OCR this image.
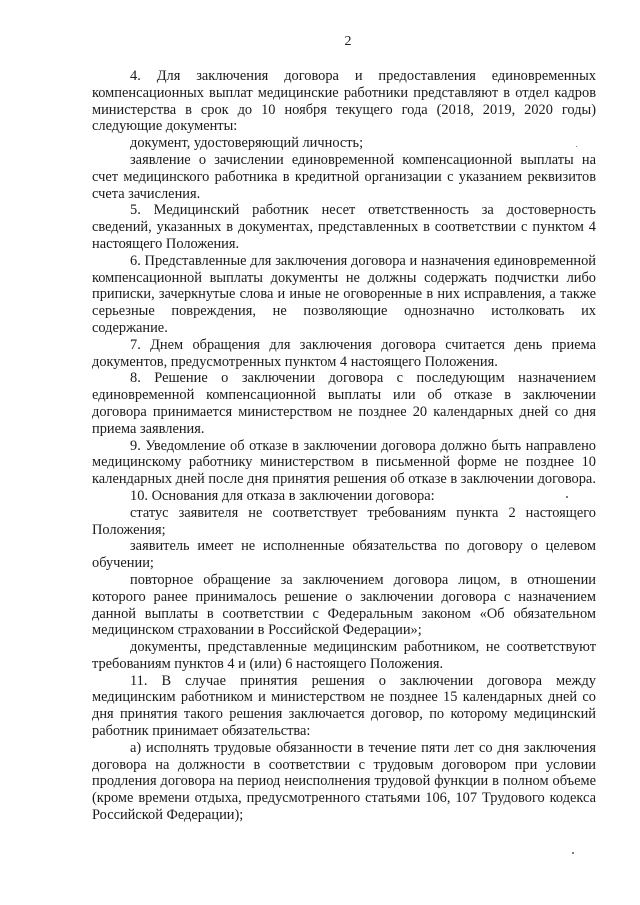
2

4. Для заключения договора и предоставления единовременных компенсационных выплат медицинские работники представляют в отдел кадров министерства в срок до 10 ноября текущего года (2018, 2019, 2020 годы) следующие документы:

документ, удостоверяющий личность;

заявление о зачислении единовременной компенсационной выплаты на счет медицинского работника в кредитной организации с указанием реквизитов счета зачисления.

5. Медицинский работник несет ответственность за достоверность сведений, указанных в документах, представленных в соответствии с пунктом 4 настоящего Положения.

6. Представленные для заключения договора и назначения единовременной компенсационной выплаты документы не должны содержать подчистки либо приписки, зачеркнутые слова и иные не оговоренные в них исправления, а также серьезные повреждения, не позволяющие однозначно истолковать их содержание.

7. Днем обращения для заключения договора считается день приема документов, предусмотренных пунктом 4 настоящего Положения.

8. Решение о заключении договора с последующим назначением единовременной компенсационной выплаты или об отказе в заключении договора принимается министерством не позднее 20 календарных дней со дня приема заявления.

9. Уведомление об отказе в заключении договора должно быть направлено медицинскому работнику министерством в письменной форме не позднее 10 календарных дней после дня принятия решения об отказе в заключении договора.

10. Основания для отказа в заключении договора:

статус заявителя не соответствует требованиям пункта 2 настоящего Положения;

заявитель имеет не исполненные обязательства по договору о целевом обучении;

повторное обращение за заключением договора лицом, в отношении которого ранее принималось решение о заключении договора с назначением данной выплаты в соответствии с Федеральным законом «Об обязательном медицинском страховании в Российской Федерации»;

документы, представленные медицинским работником, не соответствуют требованиям пунктов 4 и (или) 6 настоящего Положения.

11. В случае принятия решения о заключении договора между медицинским работником и министерством не позднее 15 календарных дней со дня принятия такого решения заключается договор, по которому медицинский работник принимает обязательства:

а) исполнять трудовые обязанности в течение пяти лет со дня заключения договора на должности в соответствии с трудовым договором при условии продления договора на период неисполнения трудовой функции в полном объеме (кроме времени отдыха, предусмотренного статьями 106, 107 Трудового кодекса Российской Федерации);
